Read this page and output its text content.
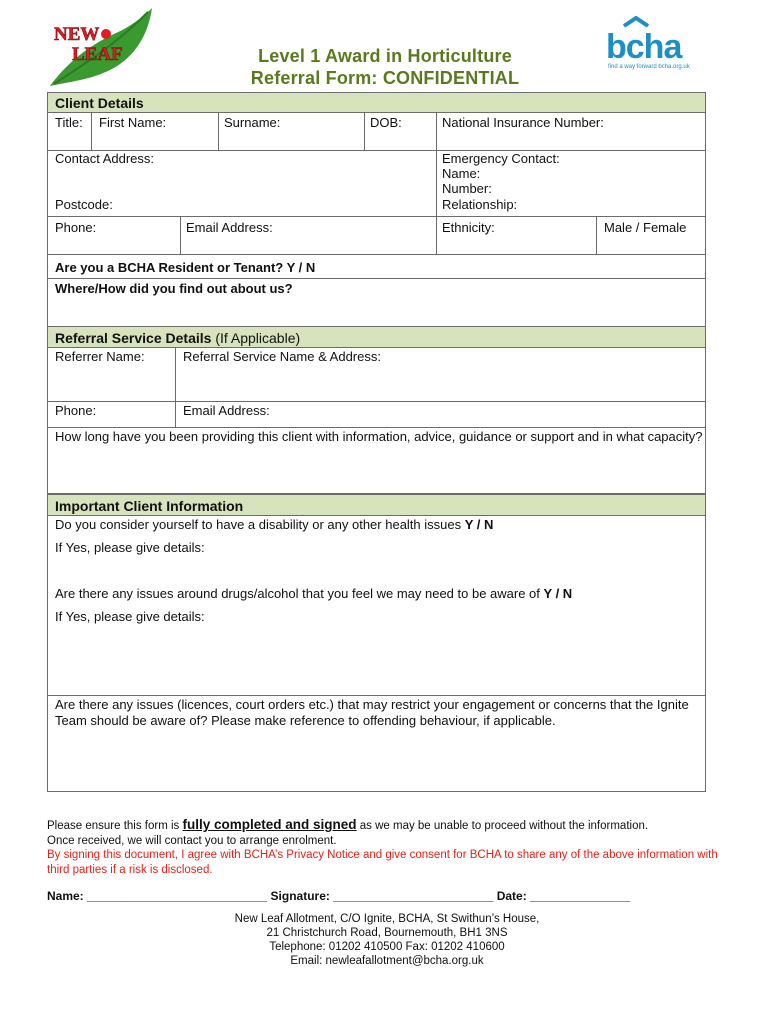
NEW
LEAF	bcha
find a way forward bcha.org.uk
Level 1 Award in Horticulture
Referral Form: CONFIDENTIAL
Client Details
Title: First Name:	Surname:	DOB:	National Insurance Number:
Contact Address:
Postcode:
Emergency Contact:
Name:
Number:
Relationship:
Phone:	Email Address:	Ethnicity:	Male / Female
Are you a BCHA Resident or Tenant? Y / N
Where/How did you find out about us?
Referral Service Details (If Applicable)
Referrer Name:	Referral Service Name & Address:
Phone:	Email Address:
How long have you been providing this client with information, advice, guidance or support and in what capacity?
Important Client Information
Do you consider yourself to have a disability or any other health issues Y / N
If Yes, please give details:
Are there any issues around drugs/alcohol that you feel we may need to be aware of Y / N
If Yes, please give details:
Are there any issues (licences, court orders etc.) that may restrict your engagement or concerns that the Ignite Team should be aware of? Please make reference to offending behaviour, if applicable.
Please ensure this form is fully completed and signed as we may be unable to proceed without the information.
Once received, we will contact you to arrange enrolment.
By signing this document, I agree with BCHA’s Privacy Notice and give consent for BCHA to share any of the above information with third parties if a risk is disclosed.
Name: ___________________________ Signature: ________________________ Date: _______________
New Leaf Allotment, C/O Ignite, BCHA, St Swithun’s House,
21 Christchurch Road, Bournemouth, BH1 3NS
Telephone: 01202 410500 Fax: 01202 410600
Email: newleafallotment@bcha.org.uk
